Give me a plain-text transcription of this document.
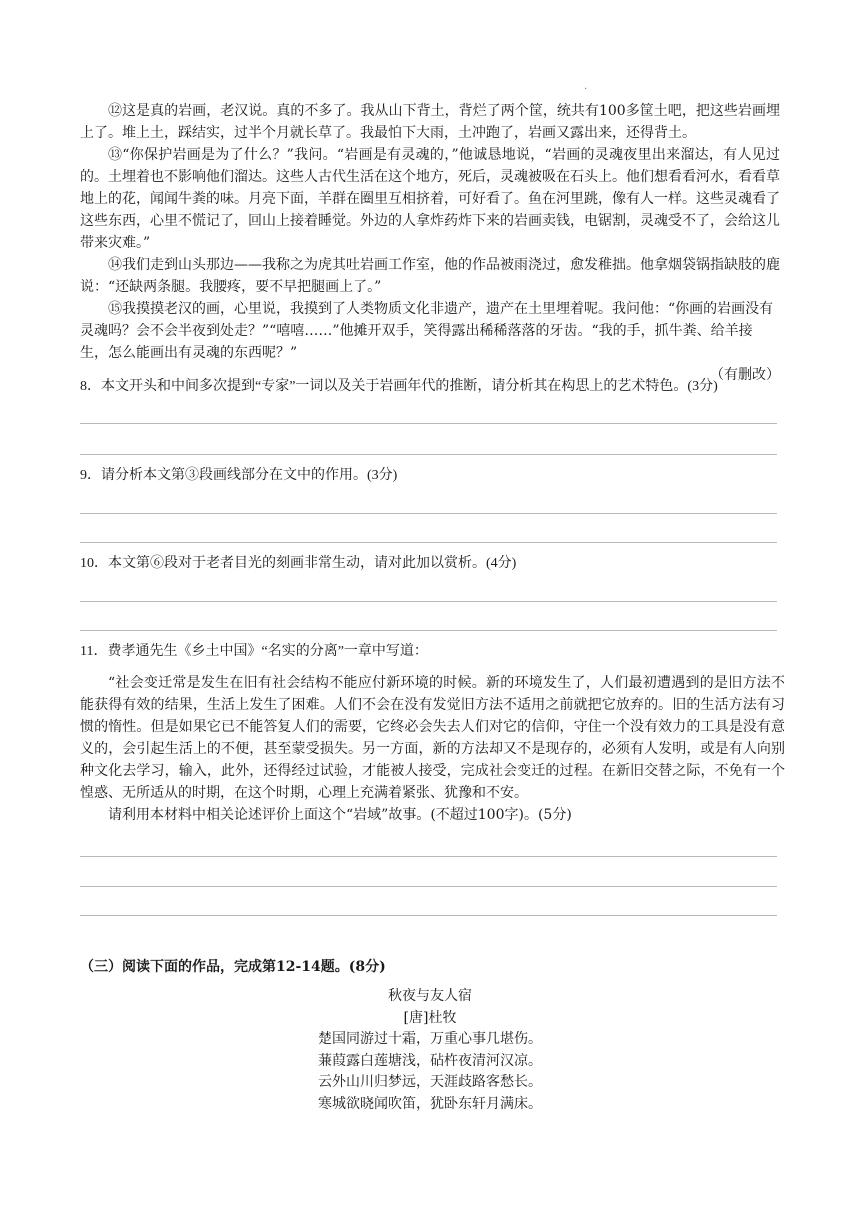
·

⑫这是真的岩画，老汉说。真的不多了。我从山下背土，背烂了两个筐，统共有100多筐土吧，把这些岩画埋上了。堆上土，踩结实，过半个月就长草了。我最怕下大雨，土冲跑了，岩画又露出来，还得背土。

⑬“你保护岩画是为了什么？”我问。“岩画是有灵魂的，”他诚恳地说，“岩画的灵魂夜里出来溜达，有人见过的。土埋着也不影响他们溜达。这些人古代生活在这个地方，死后，灵魂被吸在石头上。他们想看看河水，看看草地上的花，闻闻牛粪的味。月亮下面，羊群在圈里互相挤着，可好看了。鱼在河里跳，像有人一样。这些灵魂看了这些东西，心里不慌记了，回山上接着睡觉。外边的人拿炸药炸下来的岩画卖钱，电锯割，灵魂受不了，会给这儿带来灾难。”

⑭我们走到山头那边——我称之为虎其吐岩画工作室，他的作品被雨浇过，愈发稚拙。他拿烟袋锅指缺肢的鹿说：“还缺两条腿。我腰疼，要不早把腿画上了。”

⑮我摸摸老汉的画，心里说，我摸到了人类物质文化非遗产，遗产在土里埋着呢。我问他：“你画的岩画没有灵魂吗？会不会半夜到处走？”“嘻嘻……”他摊开双手，笑得露出稀稀落落的牙齿。“我的手，抓牛粪、给羊接生，怎么能画出有灵魂的东西呢？”

（有删改）

8．本文开头和中间多次提到“专家”一词以及关于岩画年代的推断，请分析其在构思上的艺术特色。(3分)
9．请分析本文第③段画线部分在文中的作用。(3分)
10．本文第⑥段对于老者目光的刻画非常生动，请对此加以赏析。(4分)
11．费孝通先生《乡土中国》“名实的分离”一章中写道：

“社会变迁常是发生在旧有社会结构不能应付新环境的时候。新的环境发生了，人们最初遭遇到的是旧方法不能获得有效的结果，生活上发生了困难。人们不会在没有发觉旧方法不适用之前就把它放弃的。旧的生活方法有习惯的惰性。但是如果它已不能答复人们的需要，它终必会失去人们对它的信仰，守住一个没有效力的工具是没有意义的，会引起生活上的不便，甚至蒙受损失。另一方面，新的方法却又不是现存的，必须有人发明，或是有人向别种文化去学习，输入，此外，还得经过试验，才能被人接受，完成社会变迁的过程。在新旧交替之际，不免有一个惶惑、无所适从的时期，在这个时期，心理上充满着紧张、犹豫和不安。

请利用本材料中相关论述评价上面这个“岩域”故事。(不超过100字)。(5分)

（三）阅读下面的作品，完成第12-14题。(8分)
秋夜与友人宿
[唐]杜牧
楚国同游过十霜，万重心事几堪伤。
蒹葭露白莲塘浅，砧杵夜清河汉凉。
云外山川归梦远，天涯歧路客愁长。
寒城欲晓闻吹笛，犹卧东轩月满床。
